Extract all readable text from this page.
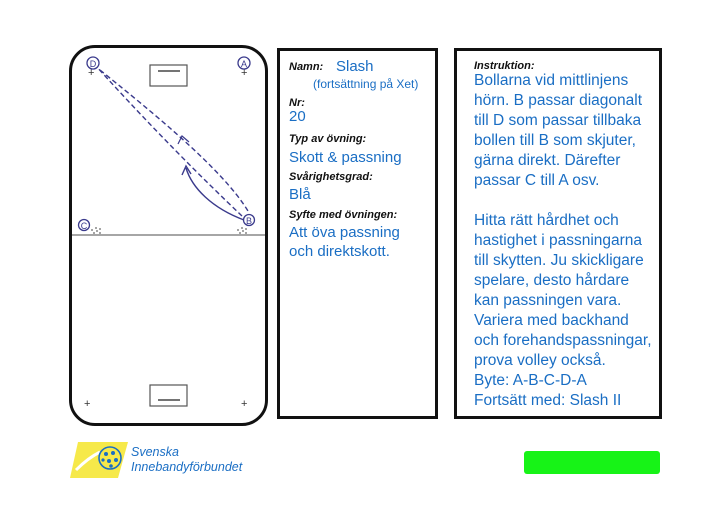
D	A
C	B
+	+
+	+
Namn: Slash
(fortsättning på Xet)
Nr:
20
Typ av övning:
Skott & passning
Svårighetsgrad:
Blå
Syfte med övningen:
Att öva passning
och direktskott.
Instruktion:
Bollarna vid mittlinjens
hörn. B passar diagonalt
till D som passar tillbaka
bollen till B som skjuter,
gärna direkt. Därefter
passar C till A osv.

Hitta rätt hårdhet och
hastighet i passningarna
till skytten. Ju skickligare
spelare, desto hårdare
kan passningen vara.
Variera med backhand
och forehandspassningar,
prova volley också.
Byte: A-B-C-D-A
Fortsätt med: Slash II
Svenska
Innebandyförbundet
